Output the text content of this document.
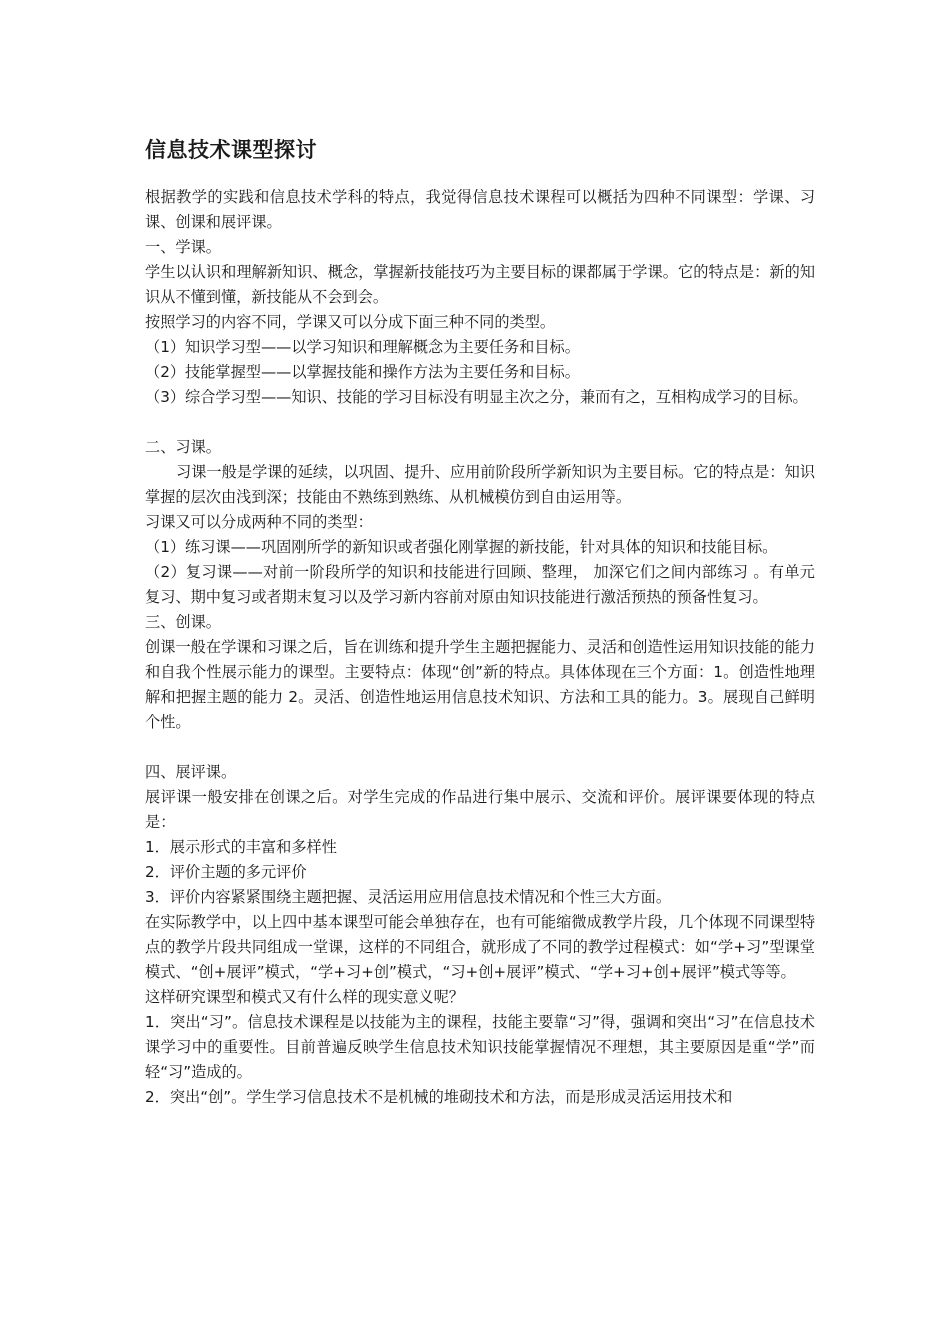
信息技术课型探讨

根据教学的实践和信息技术学科的特点，我觉得信息技术课程可以概括为四种不同课型：学课、习课、创课和展评课。

一、学课。

学生以认识和理解新知识、概念，掌握新技能技巧为主要目标的课都属于学课。它的特点是：新的知识从不懂到懂，新技能从不会到会。

按照学习的内容不同，学课又可以分成下面三种不同的类型。

（1）知识学习型——以学习知识和理解概念为主要任务和目标。

（2）技能掌握型——以掌握技能和操作方法为主要任务和目标。

（3）综合学习型——知识、技能的学习目标没有明显主次之分，兼而有之，互相构成学习的目标。

二、习课。

习课一般是学课的延续，以巩固、提升、应用前阶段所学新知识为主要目标。它的特点是：知识掌握的层次由浅到深；技能由不熟练到熟练、从机械模仿到自由运用等。

习课又可以分成两种不同的类型：

（1）练习课——巩固刚所学的新知识或者强化刚掌握的新技能，针对具体的知识和技能目标。

（2）复习课——对前一阶段所学的知识和技能进行回顾、整理， 加深它们之间内部练习 。有单元复习、期中复习或者期末复习以及学习新内容前对原由知识技能进行激活预热的预备性复习。

三、创课。

创课一般在学课和习课之后，旨在训练和提升学生主题把握能力、灵活和创造性运用知识技能的能力和自我个性展示能力的课型。主要特点：体现“创”新的特点。具体体现在三个方面：1。创造性地理解和把握主题的能力 2。灵活、创造性地运用信息技术知识、方法和工具的能力。3。展现自己鲜明个性。

四、展评课。

展评课一般安排在创课之后。对学生完成的作品进行集中展示、交流和评价。展评课要体现的特点是：

1．展示形式的丰富和多样性

2．评价主题的多元评价

3．评价内容紧紧围绕主题把握、灵活运用应用信息技术情况和个性三大方面。

在实际教学中，以上四中基本课型可能会单独存在，也有可能缩微成教学片段，几个体现不同课型特点的教学片段共同组成一堂课，这样的不同组合，就形成了不同的教学过程模式：如“学+习”型课堂模式、“创+展评”模式，“学+习+创”模式，“习+创+展评”模式、“学+习+创+展评”模式等等。

这样研究课型和模式又有什么样的现实意义呢？

1．突出“习”。信息技术课程是以技能为主的课程，技能主要靠“习”得，强调和突出“习”在信息技术课学习中的重要性。目前普遍反映学生信息技术知识技能掌握情况不理想，其主要原因是重“学”而轻“习”造成的。

2．突出“创”。学生学习信息技术不是机械的堆砌技术和方法，而是形成灵活运用技术和
